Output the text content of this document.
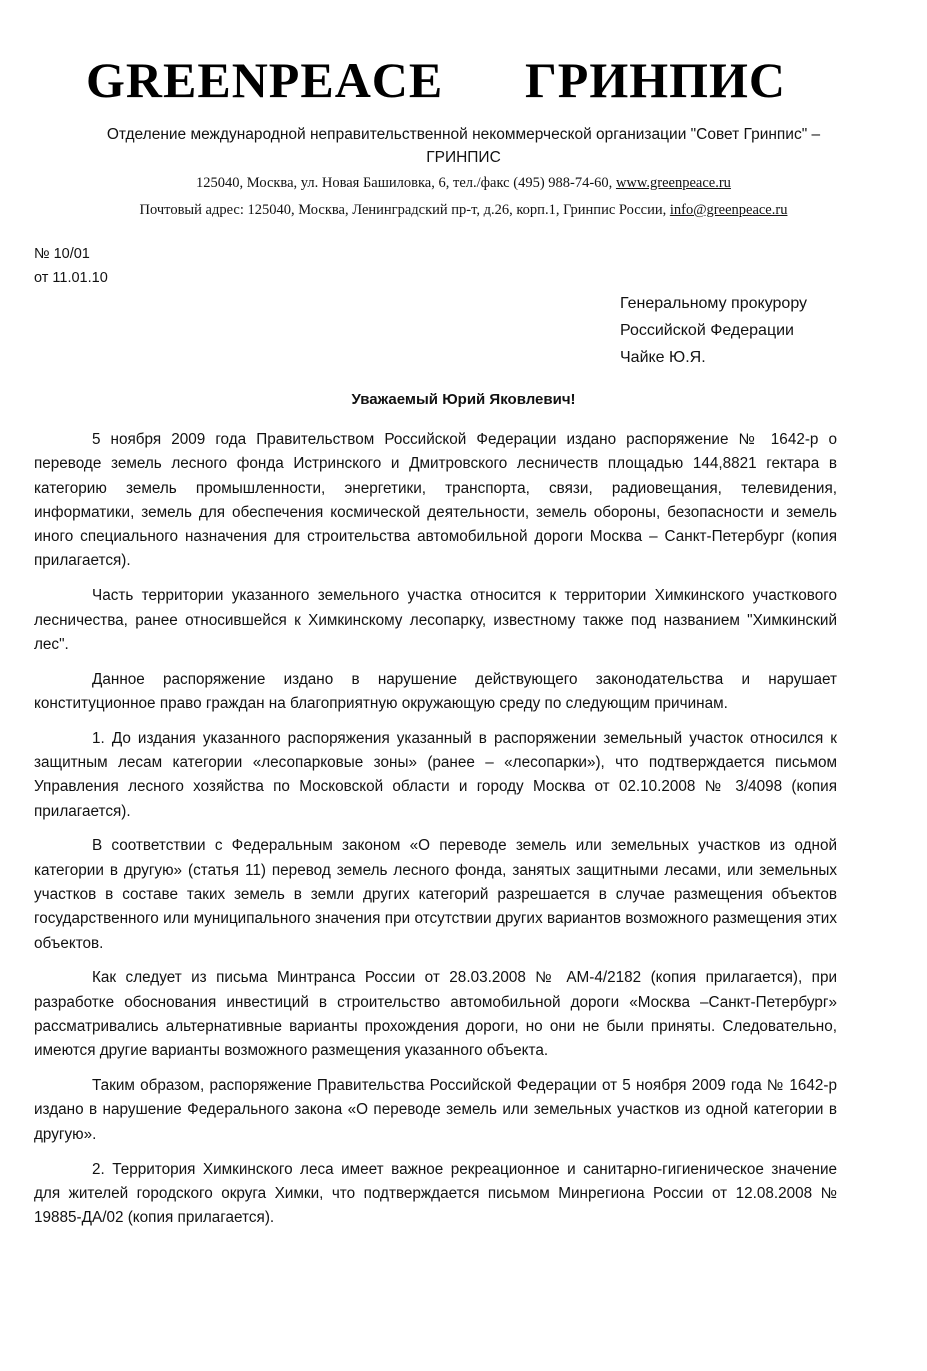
GREENPEACE ГРИНПИС
Отделение международной неправительственной некоммерческой организации "Совет Гринпис" –
ГРИНПИС
125040, Москва, ул. Новая Башиловка, 6, тел./факс (495) 988-74-60, www.greenpeace.ru
Почтовый адрес: 125040, Москва, Ленинградский пр-т, д.26, корп.1, Гринпис России, info@greenpeace.ru
№ 10/01
от 11.01.10
Генеральному прокурору
Российской Федерации
Чайке Ю.Я.
Уважаемый Юрий Яковлевич!

5 ноября 2009 года Правительством Российской Федерации издано распоряжение № 1642-р о переводе земель лесного фонда Истринского и Дмитровского лесничеств площадью 144,8821 гектара в категорию земель промышленности, энергетики, транспорта, связи, радиовещания, телевидения, информатики, земель для обеспечения космической деятельности, земель обороны, безопасности и земель иного специального назначения для строительства автомобильной дороги Москва – Санкт-Петербург (копия прилагается).

Часть территории указанного земельного участка относится к территории Химкинского участкового лесничества, ранее относившейся к Химкинскому лесопарку, известному также под названием "Химкинский лес".

Данное распоряжение издано в нарушение действующего законодательства и нарушает конституционное право граждан на благоприятную окружающую среду по следующим причинам.

1. До издания указанного распоряжения указанный в распоряжении земельный участок относился к защитным лесам категории «лесопарковые зоны» (ранее – «лесопарки»), что подтверждается письмом Управления лесного хозяйства по Московской области и городу Москва от 02.10.2008 № 3/4098 (копия прилагается).

В соответствии с Федеральным законом «О переводе земель или земельных участков из одной категории в другую» (статья 11) перевод земель лесного фонда, занятых защитными лесами, или земельных участков в составе таких земель в земли других категорий разрешается в случае размещения объектов государственного или муниципального значения при отсутствии других вариантов возможного размещения этих объектов.

Как следует из письма Минтранса России от 28.03.2008 № АМ-4/2182 (копия прилагается), при разработке обоснования инвестиций в строительство автомобильной дороги «Москва –Санкт-Петербург» рассматривались альтернативные варианты прохождения дороги, но они не были приняты. Следовательно, имеются другие варианты возможного размещения указанного объекта.

Таким образом, распоряжение Правительства Российской Федерации от 5 ноября 2009 года № 1642-р издано в нарушение Федерального закона «О переводе земель или земельных участков из одной категории в другую».

2. Территория Химкинского леса имеет важное рекреационное и санитарно-гигиеническое значение для жителей городского округа Химки, что подтверждается письмом Минрегиона России от 12.08.2008 № 19885-ДА/02 (копия прилагается).
